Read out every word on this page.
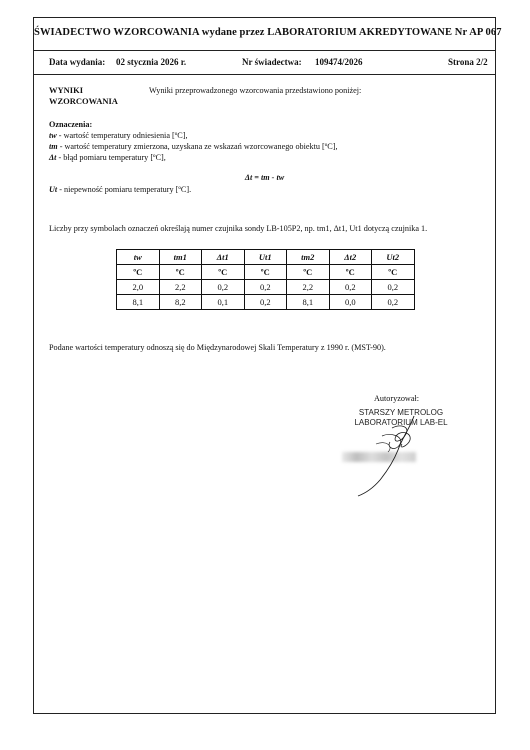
ŚWIADECTWO WZORCOWANIA wydane przez LABORATORIUM AKREDYTOWANE Nr AP 067
Data wydania: 02 stycznia 2026 r.	Nr świadectwa: 109474/2026	Strona 2/2
WYNIKI
WZORCOWANIA
Wyniki przeprowadzonego wzorcowania przedstawiono poniżej:
Oznaczenia:
tw - wartość temperatury odniesienia [ºC],
tm - wartość temperatury zmierzona, uzyskana ze wskazań wzorcowanego obiektu [ºC],
Δt - błąd pomiaru temperatury [ºC],
Δt = tm - tw
Ut - niepewność pomiaru temperatury [ºC].
Liczby przy symbolach oznaczeń określają numer czujnika sondy LB-105P2, np. tm1, Δt1, Ut1 dotyczą czujnika 1.
tw	tm1	Δt1	Ut1	tm2	Δt2	Ut2
ºC	ºC	ºC	ºC	ºC	ºC	ºC
2,0	2,2	0,2	0,2	2,2	0,2	0,2
8,1	8,2	0,1	0,2	8,1	0,0	0,2
Podane wartości temperatury odnoszą się do Międzynarodowej Skali Temperatury z 1990 r. (MST-90).
Autoryzował:
STARSZY METROLOG
LABORATORIUM LAB-EL
